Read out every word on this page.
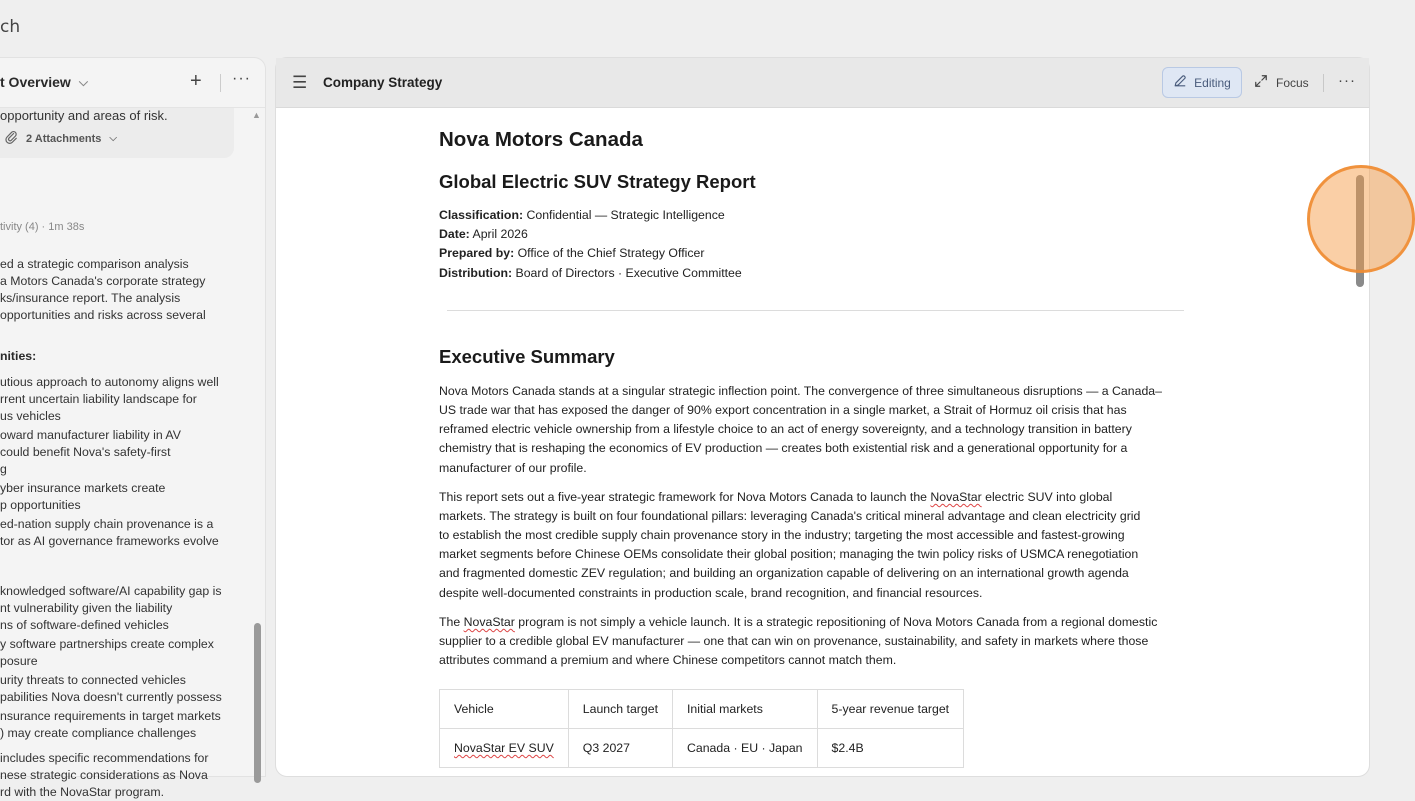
ch
t Overview ⌵	+ ···
opportunity and areas of risk.
2 Attachments ⌵
tivity (4) · 1m 38s
ed a strategic comparison analysis
a Motors Canada's corporate strategy
ks/insurance report. The analysis
opportunities and risks across several
nities:
utious approach to autonomy aligns well
rrent uncertain liability landscape for
us vehicles
oward manufacturer liability in AV
could benefit Nova's safety-first
g
yber insurance markets create
p opportunities
ed-nation supply chain provenance is a
tor as AI governance frameworks evolve
knowledged software/AI capability gap is
nt vulnerability given the liability
ns of software-defined vehicles
y software partnerships create complex
posure
urity threats to connected vehicles
pabilities Nova doesn't currently possess
nsurance requirements in target markets
) may create compliance challenges
includes specific recommendations for
nese strategic considerations as Nova
rd with the NovaStar program.
▲
☰ Company Strategy	Editing	Focus ···
Nova Motors Canada
Global Electric SUV Strategy Report
Classification: Confidential — Strategic Intelligence
Date: April 2026
Prepared by: Office of the Chief Strategy Officer
Distribution: Board of Directors · Executive Committee
Executive Summary
Nova Motors Canada stands at a singular strategic inflection point. The convergence of three simultaneous disruptions — a Canada–
US trade war that has exposed the danger of 90% export concentration in a single market, a Strait of Hormuz oil crisis that has
reframed electric vehicle ownership from a lifestyle choice to an act of energy sovereignty, and a technology transition in battery
chemistry that is reshaping the economics of EV production — creates both existential risk and a generational opportunity for a
manufacturer of our profile.
This report sets out a five-year strategic framework for Nova Motors Canada to launch the NovaStar electric SUV into global
markets. The strategy is built on four foundational pillars: leveraging Canada's critical mineral advantage and clean electricity grid
to establish the most credible supply chain provenance story in the industry; targeting the most accessible and fastest-growing
market segments before Chinese OEMs consolidate their global position; managing the twin policy risks of USMCA renegotiation
and fragmented domestic ZEV regulation; and building an organization capable of delivering on an international growth agenda
despite well-documented constraints in production scale, brand recognition, and financial resources.
The NovaStar program is not simply a vehicle launch. It is a strategic repositioning of Nova Motors Canada from a regional domestic
supplier to a credible global EV manufacturer — one that can win on provenance, sustainability, and safety in markets where those
attributes command a premium and where Chinese competitors cannot match them.
Vehicle	Launch target	Initial markets	5-year revenue target
NovaStar EV SUV	Q3 2027	Canada · EU · Japan	$2.4B
